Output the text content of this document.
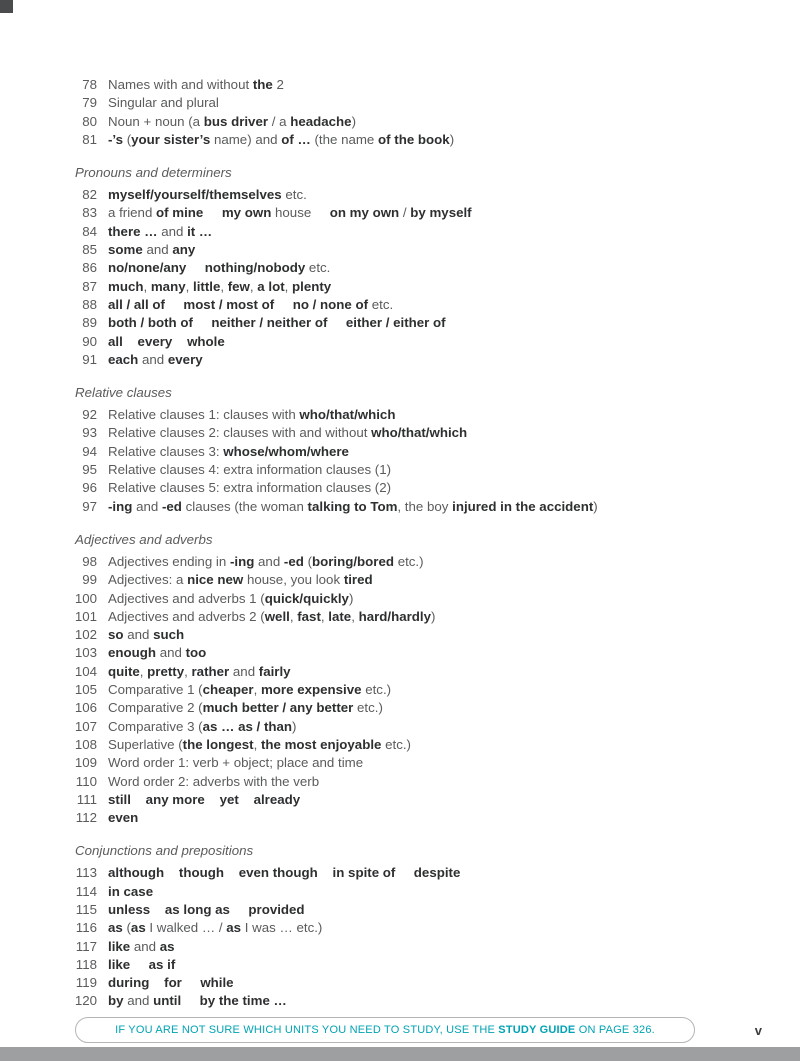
78 Names with and without the 2
79 Singular and plural
80 Noun + noun (a bus driver / a headache)
81 -’s (your sister’s name) and of … (the name of the book)
Pronouns and determiners
82 myself/yourself/themselves etc.
83 a friend of mine my own house     on my own / by myself
84 there … and it …
85 some and any
86 no/none/any nothing/nobody etc.
87 much, many, little, few, a lot, plenty
88 all / all of     most / most of     no / none of etc.
89 both / both of     neither / neither of     either / either of
90 all    every    whole
91 each and every
Relative clauses
92 Relative clauses 1: clauses with who/that/which
93 Relative clauses 2: clauses with and without who/that/which
94 Relative clauses 3: whose/whom/where
95 Relative clauses 4: extra information clauses (1)
96 Relative clauses 5: extra information clauses (2)
97 -ing and -ed clauses (the woman talking to Tom, the boy injured in the accident)
Adjectives and adverbs
98 Adjectives ending in -ing and -ed (boring/bored etc.)
99 Adjectives: a nice new house, you look tired
100 Adjectives and adverbs 1 (quick/quickly)
101 Adjectives and adverbs 2 (well, fast, late, hard/hardly)
102 so and such
103 enough and too
104 quite, pretty, rather and fairly
105 Comparative 1 (cheaper, more expensive etc.)
106 Comparative 2 (much better / any better etc.)
107 Comparative 3 (as … as / than)
108 Superlative (the longest, the most enjoyable etc.)
109 Word order 1: verb + object; place and time
110 Word order 2: adverbs with the verb
111 still    any more    yet    already
112 even
Conjunctions and prepositions
113 although    though    even though    in spite of     despite
114 in case
115 unless    as long as     provided
116 as (as I walked … / as I was … etc.)
117 like and as
118 like     as if
119 during    for     while
120 by and until     by the time …
IF YOU ARE NOT SURE WHICH UNITS YOU NEED TO STUDY, USE THE STUDY GUIDE ON PAGE 326.	v
